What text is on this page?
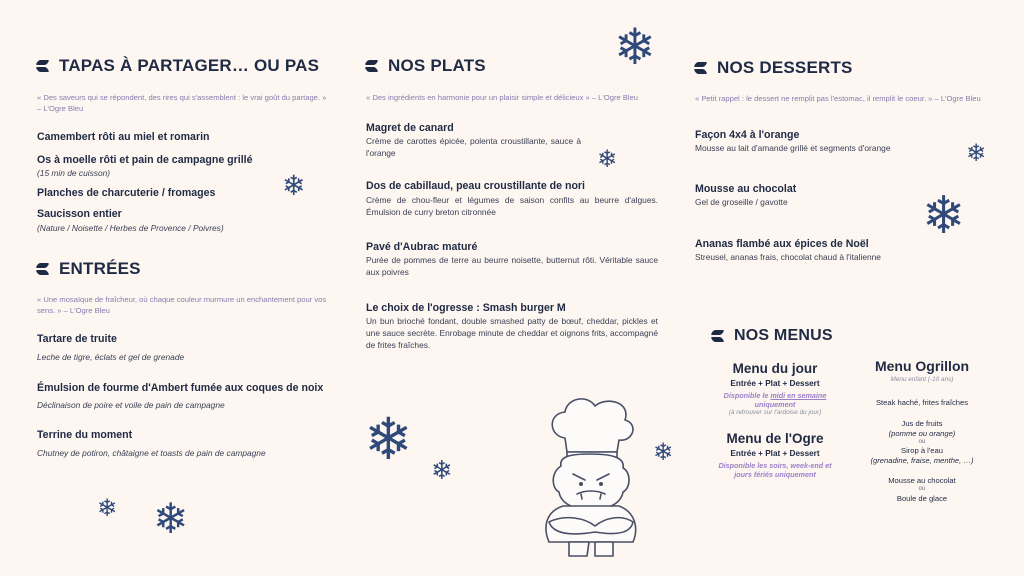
❄
❄
❄
❄
❄
❄ ❄
❄
❄ ❄
TAPAS À PARTAGER… OU PAS
« Des saveurs qui se répondent, des rires qui s'assemblent : le vrai goût du partage. » – L'Ogre Bleu
Camembert rôti au miel et romarin
Os à moelle rôti et pain de campagne grillé
(15 min de cuisson)
Planches de charcuterie / fromages
Saucisson entier
(Nature / Noisette / Herbes de Provence / Poivres)
ENTRÉES
« Une mosaïque de fraîcheur, où chaque couleur murmure un enchantement pour vos sens. » – L'Ogre Bleu
Tartare de truite
Leche de tigre, éclats et gel de grenade
Émulsion de fourme d'Ambert fumée aux coques de noix
Déclinaison de poire et voile de pain de campagne
Terrine du moment
Chutney de potiron, châtaigne et toasts de pain de campagne
NOS PLATS
« Des ingrédients en harmonie pour un plaisir simple et délicieux » – L'Ogre Bleu
Magret de canard
Crème de carottes épicée, polenta croustillante, sauce à l'orange
Dos de cabillaud, peau croustillante de nori
Crème de chou-fleur et légumes de saison confits au beurre d'algues. Émulsion de curry breton citronnée
Pavé d'Aubrac maturé
Purée de pommes de terre au beurre noisette, butternut rôti. Véritable sauce aux poivres
Le choix de l'ogresse : Smash burger M
Un bun brioché fondant, double smashed patty de bœuf, cheddar, pickles et une sauce secrète. Enrobage minute de cheddar et oignons frits, accompagné de frites fraîches.
NOS DESSERTS
« Petit rappel : le dessert ne remplit pas l'estomac, il remplit le coeur. » – L'Ogre Bleu
Façon 4x4 à l'orange
Mousse au lait d'amande grillé et segments d'orange
Mousse au chocolat
Gel de groseille / gavotte
Ananas flambé aux épices de Noël
Streusel, ananas frais, chocolat chaud à l'italienne
NOS MENUS
Menu du jour
Entrée + Plat + Dessert
Disponible le midi en semaine uniquement
(à retrouver sur l'ardoise du jour)
Menu de l'Ogre
Entrée + Plat + Dessert
Disponible les soirs, week-end et jours fériés uniquement
Menu Ogrillon
Menu enfant (-10 ans)
Steak haché, frites fraîches
Jus de fruits
(pomme ou orange)
ou
Sirop à l'eau
(grenadine, fraise, menthe, …)
Mousse au chocolat
ou
Boule de glace
